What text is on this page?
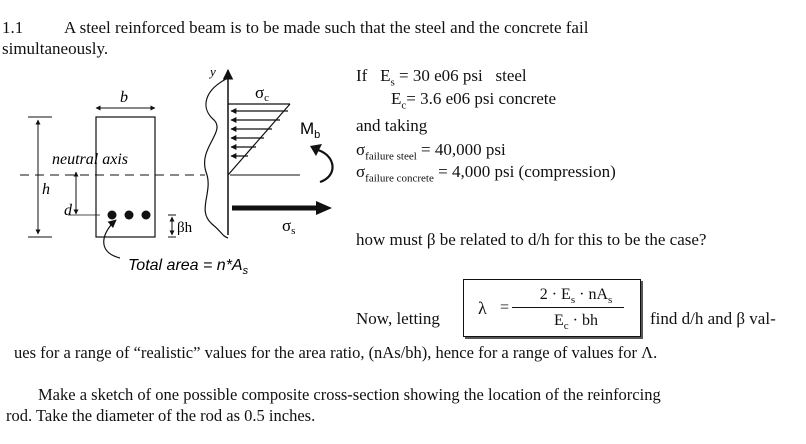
1.1 A steel reinforced beam is to be made such that the steel and the concrete fail
simultaneously.
b
βh
neutral axis
h
d
y
σc
$M_b$
σs
Total area = $n*A_s$
If $E_s = 30$ e06 psi steel
$E_c= 3.6$ e06 psi concrete
and taking
$\sigma_{failure steel} = 40,000$ psi
$\sigma_{failure concrete} = 4,000$ psi (compression)
how must β be related to d/h for this to be the case?
Now, letting
λ =
$2 \cdot E_s \cdot nA_s$
$E_c$ · bh	find d/h and β val-
ues for a range of “realistic” values for the area ratio, (nAs/bh), hence for a range of values for Λ.
Make a sketch of one possible composite cross-section showing the location of the reinforcing
rod. Take the diameter of the rod as 0.5 inches.
